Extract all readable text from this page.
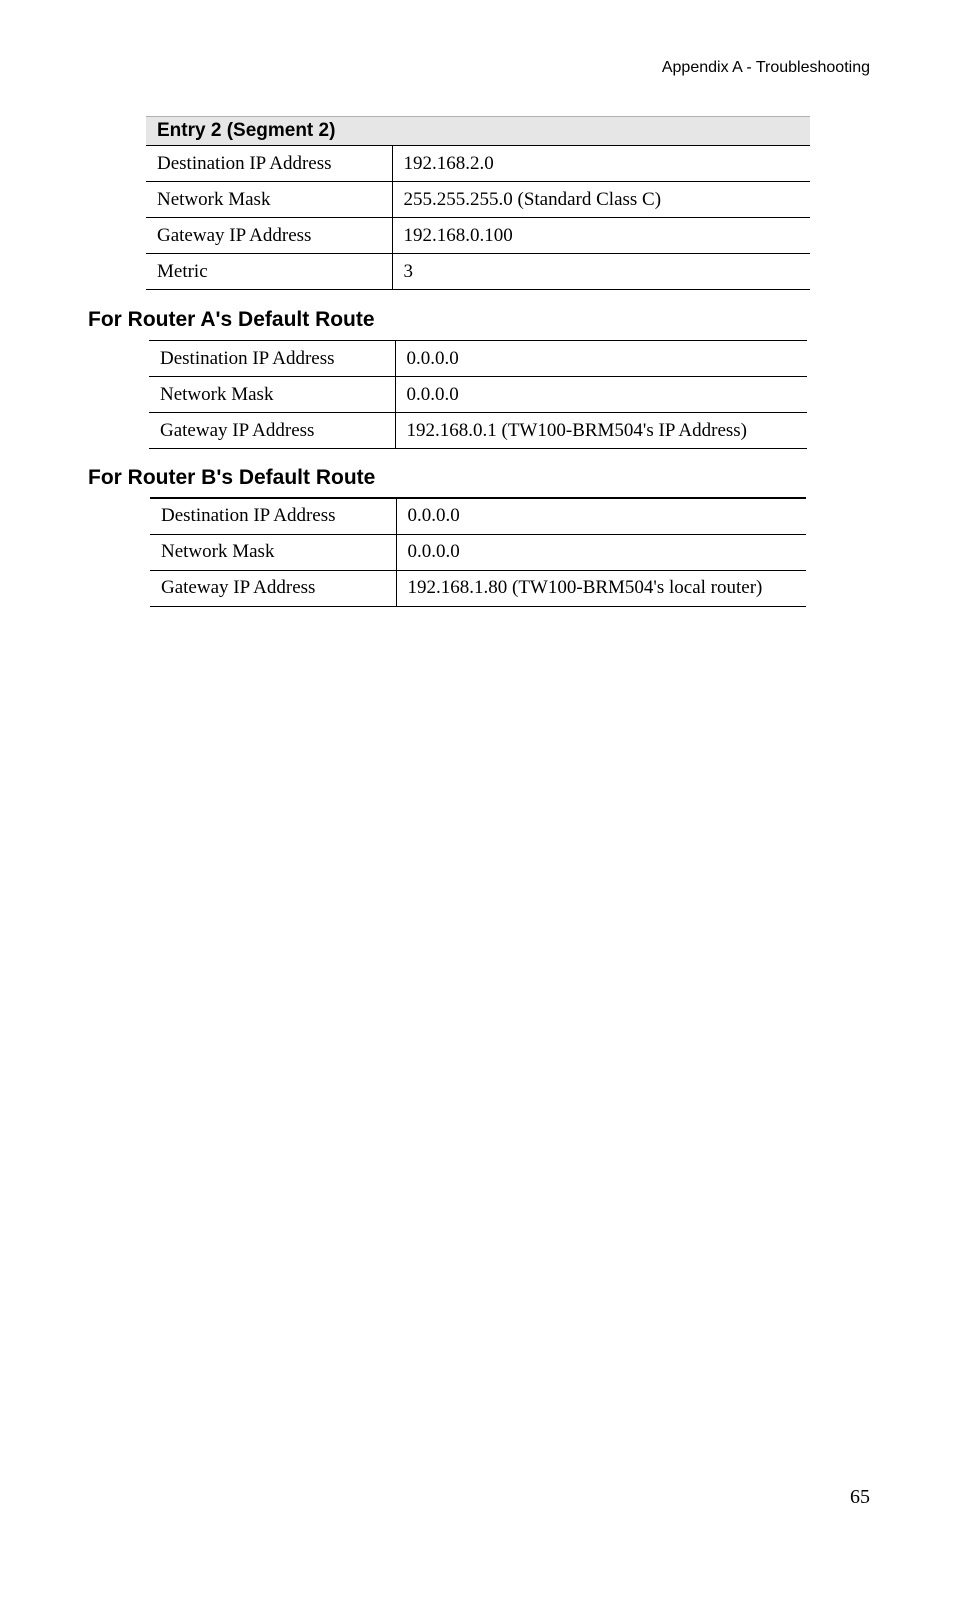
Appendix A - Troubleshooting
Entry 2 (Segment 2)	
Destination IP Address	192.168.2.0
Network Mask	255.255.255.0 (Standard Class C)
Gateway IP Address	192.168.0.100
Metric	3
For Router A's Default Route
Destination IP Address	0.0.0.0
Network Mask	0.0.0.0
Gateway IP Address	192.168.0.1 (TW100-BRM504's IP Address)
For Router B's Default Route
Destination IP Address	0.0.0.0
Network Mask	0.0.0.0
Gateway IP Address	192.168.1.80 (TW100-BRM504's local router)
65
